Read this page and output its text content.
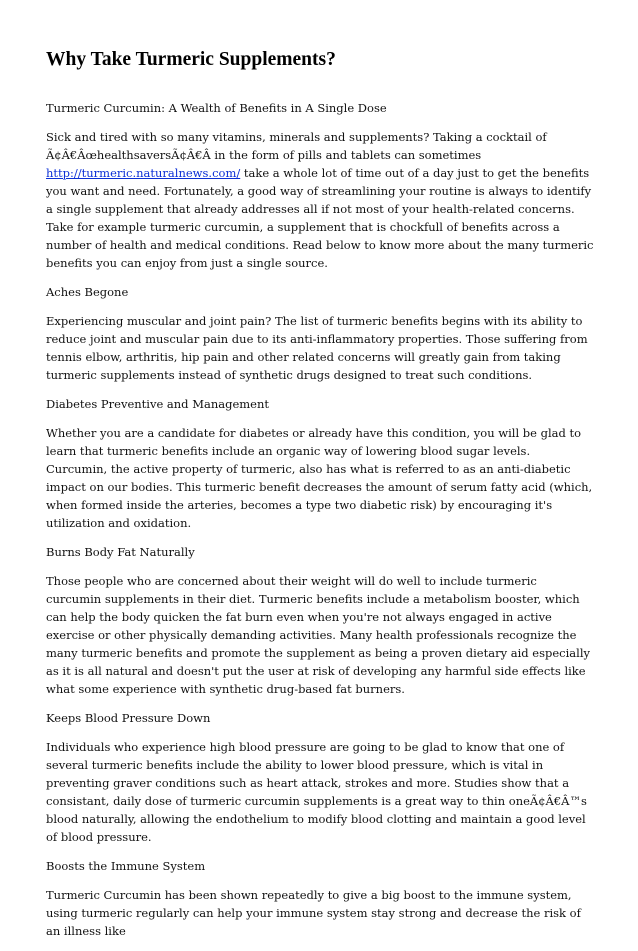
Why Take Turmeric Supplements?

Turmeric Curcumin: A Wealth of Benefits in A Single Dose

Sick and tired with so many vitamins, minerals and supplements? Taking a cocktail of Ã¢Â€ÂœhealthsaversÃ¢Â€Â in the form of pills and tablets can sometimes http://turmeric.naturalnews.com/ take a whole lot of time out of a day just to get the benefits you want and need. Fortunately, a good way of streamlining your routine is always to identify a single supplement that already addresses all if not most of your health-related concerns. Take for example turmeric curcumin, a supplement that is chockfull of benefits across a number of health and medical conditions. Read below to know more about the many turmeric benefits you can enjoy from just a single source.

Aches Begone

Experiencing muscular and joint pain? The list of turmeric benefits begins with its ability to reduce joint and muscular pain due to its anti-inflammatory properties. Those suffering from tennis elbow, arthritis, hip pain and other related concerns will greatly gain from taking turmeric supplements instead of synthetic drugs designed to treat such conditions.

Diabetes Preventive and Management

Whether you are a candidate for diabetes or already have this condition, you will be glad to learn that turmeric benefits include an organic way of lowering blood sugar levels. Curcumin, the active property of turmeric, also has what is referred to as an anti-diabetic impact on our bodies. This turmeric benefit decreases the amount of serum fatty acid (which, when formed inside the arteries, becomes a type two diabetic risk) by encouraging it's utilization and oxidation.

Burns Body Fat Naturally

Those people who are concerned about their weight will do well to include turmeric curcumin supplements in their diet. Turmeric benefits include a metabolism booster, which can help the body quicken the fat burn even when you're not always engaged in active exercise or other physically demanding activities. Many health professionals recognize the many turmeric benefits and promote the supplement as being a proven dietary aid especially as it is all natural and doesn't put the user at risk of developing any harmful side effects like what some experience with synthetic drug-based fat burners.

Keeps Blood Pressure Down

Individuals who experience high blood pressure are going to be glad to know that one of several turmeric benefits include the ability to lower blood pressure, which is vital in preventing graver conditions such as heart attack, strokes and more. Studies show that a consistant, daily dose of turmeric curcumin supplements is a great way to thin oneÃ¢Â€Â™s blood naturally, allowing the endothelium to modify blood clotting and maintain a good level of blood pressure.

Boosts the Immune System

Turmeric Curcumin has been shown repeatedly to give a big boost to the immune system, using turmeric regularly can help your immune system stay strong and decrease the risk of an illness like
